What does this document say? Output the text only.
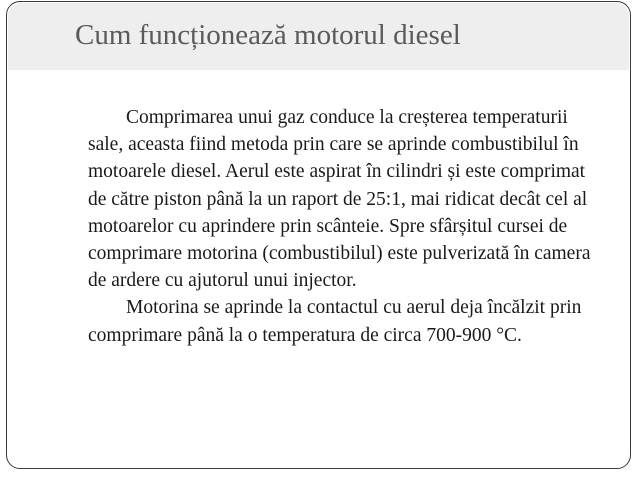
Cum funcționează motorul diesel

Comprimarea unui gaz conduce la creșterea temperaturii sale, aceasta fiind metoda prin care se aprinde combustibilul în motoarele diesel. Aerul este aspirat în cilindri și este comprimat de către piston până la un raport de 25:1, mai ridicat decât cel al motoarelor cu aprindere prin scânteie. Spre sfârșitul cursei de comprimare motorina (combustibilul) este pulverizată în camera de ardere cu ajutorul unui injector.

Motorina se aprinde la contactul cu aerul deja încălzit prin comprimare până la o temperatura de circa 700-900 °C.
